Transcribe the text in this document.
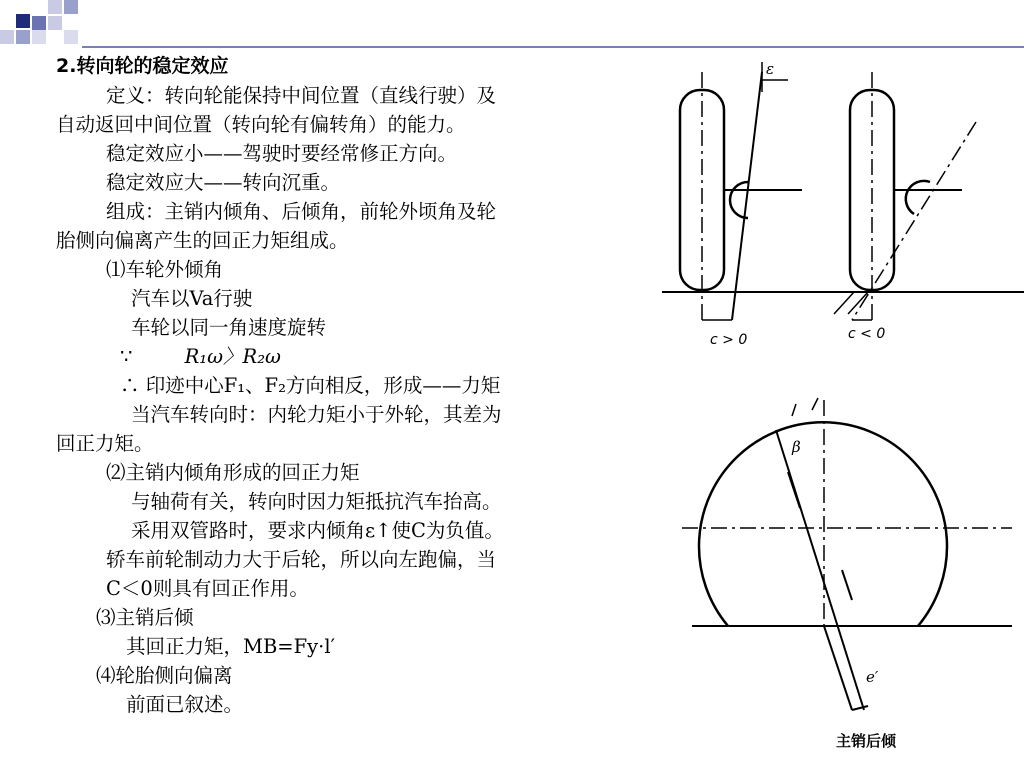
2.转向轮的稳定效应
定义：转向轮能保持中间位置（直线行驶）及
自动返回中间位置（转向轮有偏转角）的能力。
稳定效应小——驾驶时要经常修正方向。
稳定效应大——转向沉重。
组成：主销内倾角、后倾角，前轮外顷角及轮
胎侧向偏离产生的回正力矩组成。
⑴车轮外倾角
汽车以Va行驶
车轮以同一角速度旋转
∵	R₁ω〉R₂ω
∴ 印迹中心F₁、F₂方向相反，形成——力矩
当汽车转向时：内轮力矩小于外轮，其差为
回正力矩。
⑵主销内倾角形成的回正力矩
与轴荷有关，转向时因力矩抵抗汽车抬高。
采用双管路时，要求内倾角ε↑使C为负值。
轿车前轮制动力大于后轮，所以向左跑偏，当
C＜0则具有回正作用。
⑶主销后倾
其回正力矩，MB=Fy·l′
⑷轮胎侧向偏离
前面已叙述。
ε
c > 0	c < 0
β
e′
主销后倾
